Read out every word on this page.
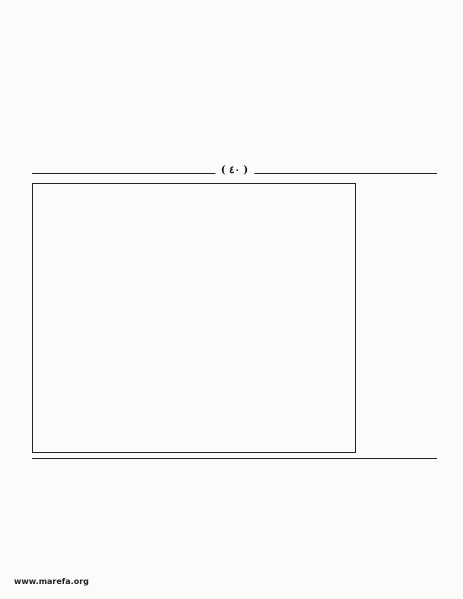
( ٤٠ )
www.marefa.org
